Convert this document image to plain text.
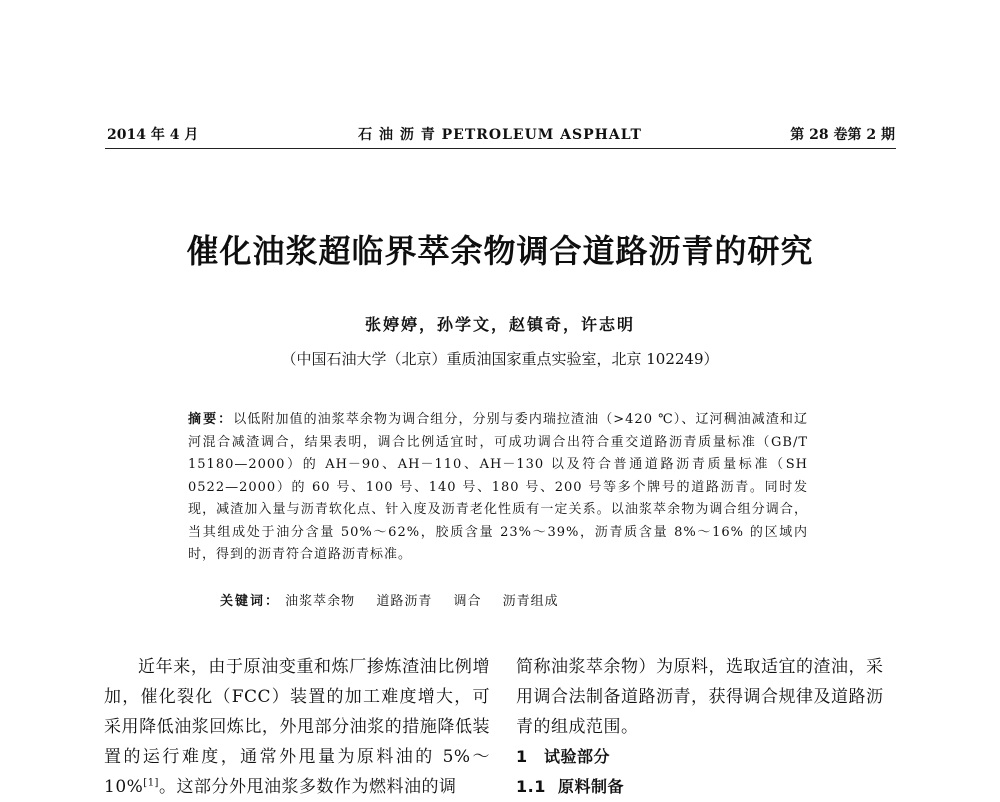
2014 年 4 月	石 油 沥 青 PETROLEUM ASPHALT	第 28 卷第 2 期
催化油浆超临界萃余物调合道路沥青的研究
张婷婷，孙学文，赵镇奇，许志明
（中国石油大学（北京）重质油国家重点实验室，北京 102249）
摘要：以低附加值的油浆萃余物为调合组分，分别与委内瑞拉渣油（>420 ℃）、辽河稠油减渣和辽河混合减渣调合，结果表明，调合比例适宜时，可成功调合出符合重交道路沥青质量标准（GB/T 15180—2000）的 AH－90、AH－110、AH－130 以及符合普通道路沥青质量标准（SH 0522—2000）的 60 号、100 号、140 号、180 号、200 号等多个牌号的道路沥青。同时发现，减渣加入量与沥青软化点、针入度及沥青老化性质有一定关系。以油浆萃余物为调合组分调合，当其组成处于油分含量 50%～62%，胶质含量 23%～39%，沥青质含量 8%～16% 的区域内时，得到的沥青符合道路沥青标准。
关键词： 油浆萃余物 道路沥青 调合 沥青组成

近年来，由于原油变重和炼厂掺炼渣油比例增加，催化裂化（FCC）装置的加工难度增大，可采用降低油浆回炼比，外甩部分油浆的措施降低装置的运行难度，通常外甩量为原料油的 5%～10%[1]。这部分外甩油浆多数作为燃料油的调

简称油浆萃余物）为原料，选取适宜的渣油，采用调合法制备道路沥青，获得调合规律及道路沥青的组成范围。

1 试验部分

1.1 原料制备
